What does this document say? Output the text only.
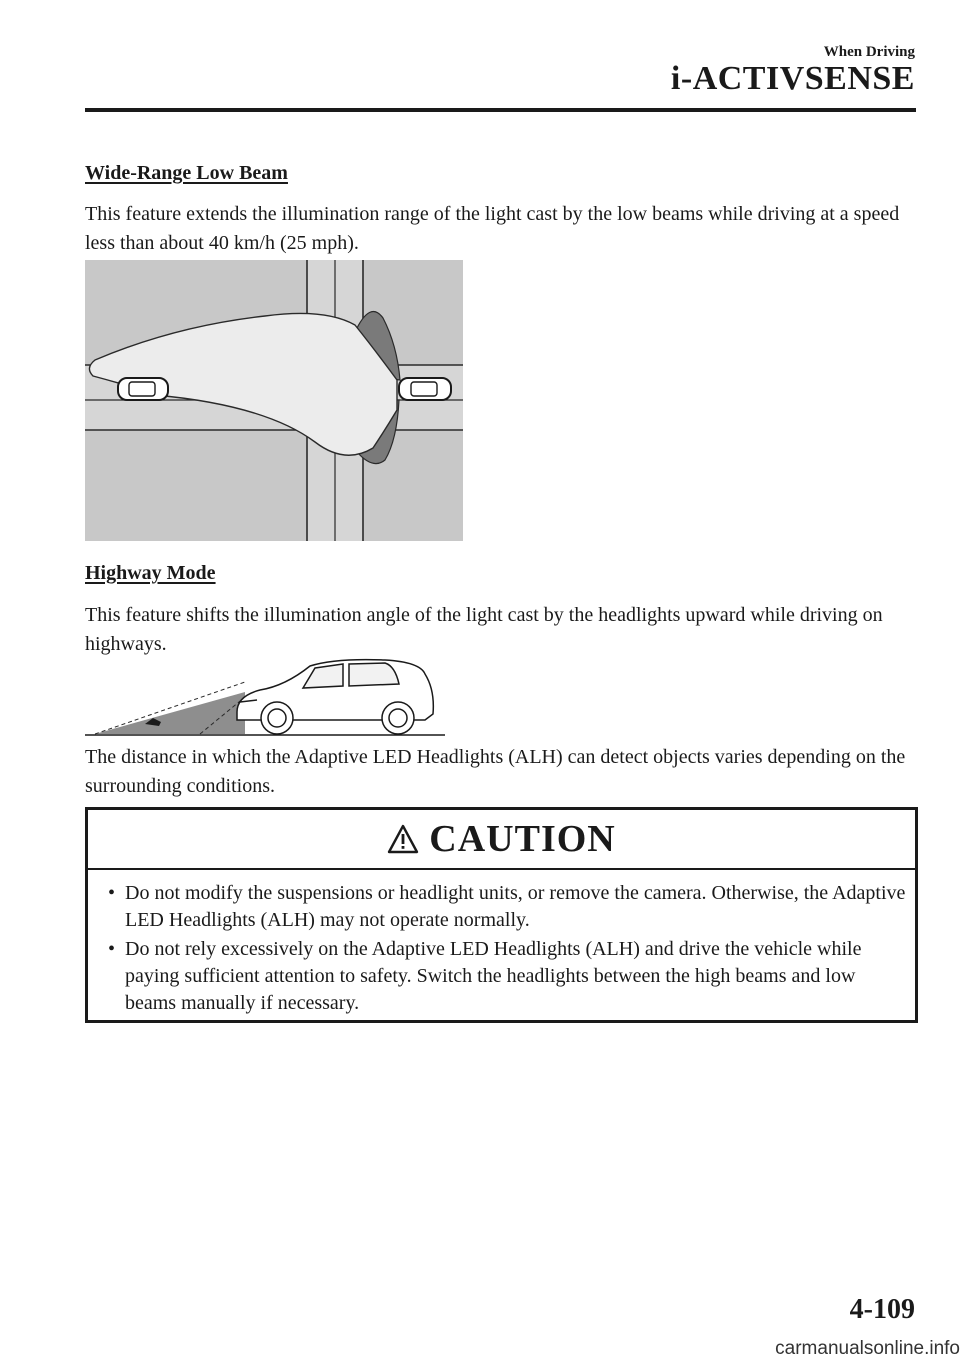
When Driving
i-ACTIVSENSE
Wide-Range Low Beam
This feature extends the illumination range of the light cast by the low beams while driving at a speed less than about 40 km/h (25 mph).
Highway Mode
This feature shifts the illumination angle of the light cast by the headlights upward while driving on highways.
The distance in which the Adaptive LED Headlights (ALH) can detect objects varies depending on the surrounding conditions.
CAUTION
• Do not modify the suspensions or headlight units, or remove the camera. Otherwise, the Adaptive LED Headlights (ALH) may not operate normally.
• Do not rely excessively on the Adaptive LED Headlights (ALH) and drive the vehicle while paying sufficient attention to safety. Switch the headlights between the high beams and low beams manually if necessary.
4-109
carmanualsonline.info
